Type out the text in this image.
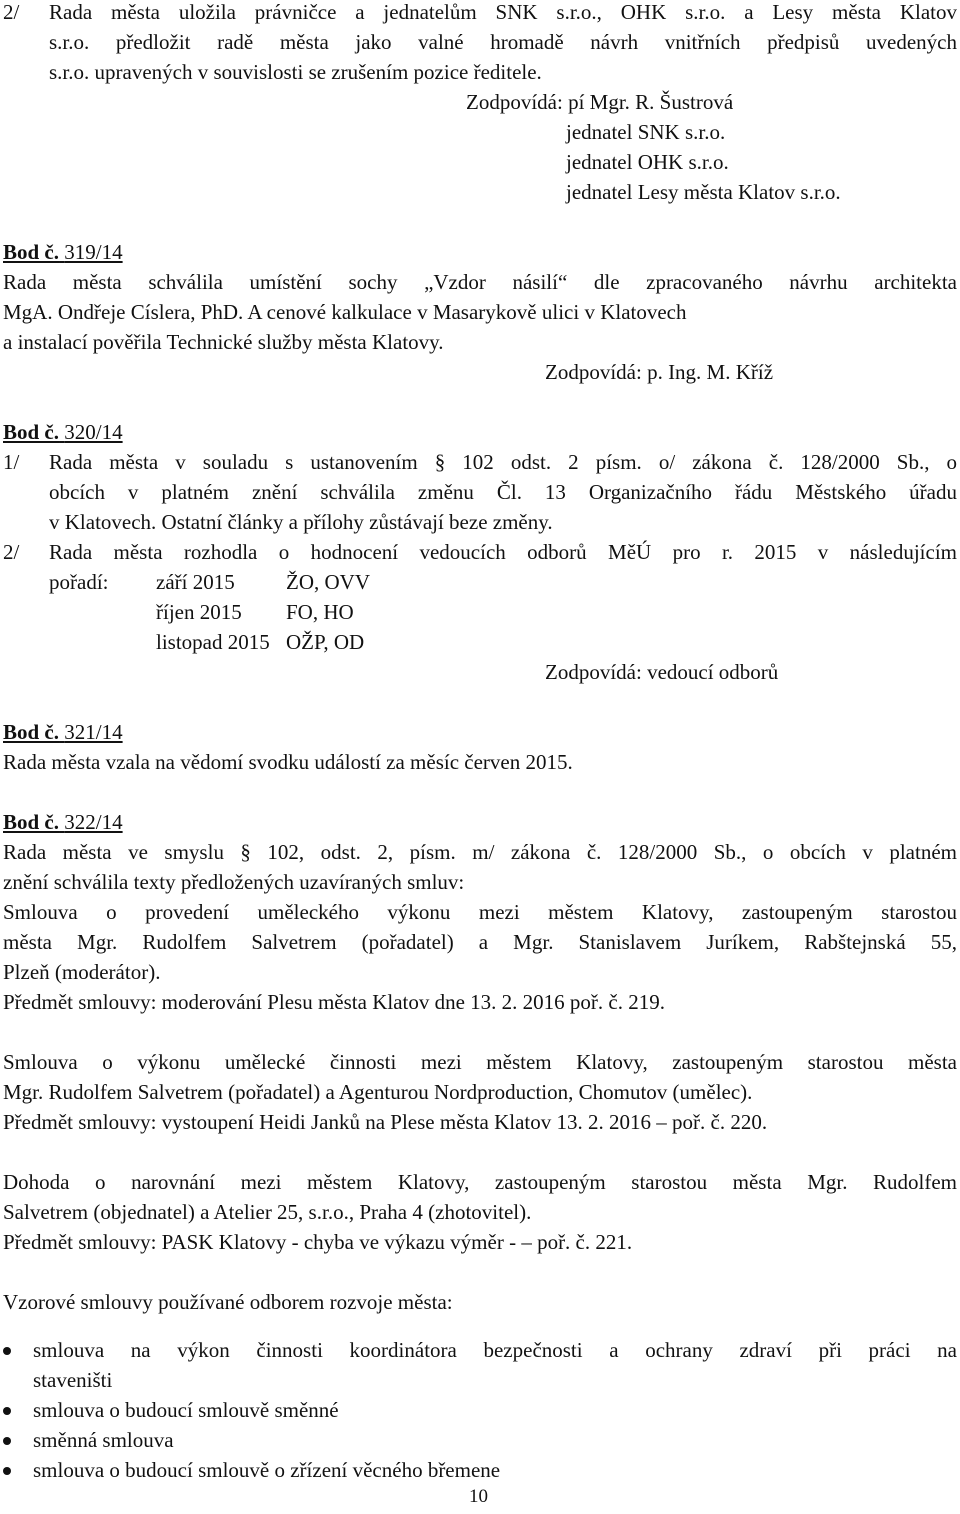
2/ Rada města uložila právničce a jednatelům SNK s.r.o., OHK s.r.o. a Lesy města Klatov
s.r.o. předložit radě města jako valné hromadě návrh vnitřních předpisů uvedených
s.r.o. upravených v souvislosti se zrušením pozice ředitele.
Zodpovídá: pí Mgr. R. Šustrová
jednatel SNK s.r.o.
jednatel OHK s.r.o.
jednatel Lesy města Klatov s.r.o.
Bod č. 319/14
Rada města schválila umístění sochy „Vzdor násilí“ dle zpracovaného návrhu architekta
MgA. Ondřeje Císlera, PhD. A cenové kalkulace v Masarykově ulici v Klatovech
a instalací pověřila Technické služby města Klatovy.
Zodpovídá: p. Ing. M. Kříž
Bod č. 320/14
1/ Rada města v souladu s ustanovením § 102 odst. 2 písm. o/ zákona č. 128/2000 Sb., o
obcích v platném znění schválila změnu Čl. 13 Organizačního řádu Městského úřadu
v Klatovech. Ostatní články a přílohy zůstávají beze změny.
2/ Rada města rozhodla o hodnocení vedoucích odborů MěÚ pro r. 2015 v následujícím
pořadí: září 2015 ŽO, OVV
říjen 2015 FO, HO
listopad 2015 OŽP, OD
Zodpovídá: vedoucí odborů
Bod č. 321/14
Rada města vzala na vědomí svodku událostí za měsíc červen 2015.
Bod č. 322/14
Rada města ve smyslu § 102, odst. 2, písm. m/ zákona č. 128/2000 Sb., o obcích v platném
znění schválila texty předložených uzavíraných smluv:
Smlouva o provedení uměleckého výkonu mezi městem Klatovy, zastoupeným starostou
města Mgr. Rudolfem Salvetrem (pořadatel) a Mgr. Stanislavem Juríkem, Rabštejnská 55,
Plzeň (moderátor).
Předmět smlouvy: moderování Plesu města Klatov dne 13. 2. 2016 poř. č. 219.
Smlouva o výkonu umělecké činnosti mezi městem Klatovy, zastoupeným starostou města
Mgr. Rudolfem Salvetrem (pořadatel) a Agenturou Nordproduction, Chomutov (umělec).
Předmět smlouvy: vystoupení Heidi Janků na Plese města Klatov 13. 2. 2016 – poř. č. 220.
Dohoda o narovnání mezi městem Klatovy, zastoupeným starostou města Mgr. Rudolfem
Salvetrem (objednatel) a Atelier 25, s.r.o., Praha 4 (zhotovitel).
Předmět smlouvy: PASK Klatovy - chyba ve výkazu výměr - – poř. č. 221.
Vzorové smlouvy používané odborem rozvoje města:
smlouva na výkon činnosti koordinátora bezpečnosti a ochrany zdraví při práci na
staveništi
smlouva o budoucí smlouvě směnné
směnná smlouva
smlouva o budoucí smlouvě o zřízení věcného břemene
10
